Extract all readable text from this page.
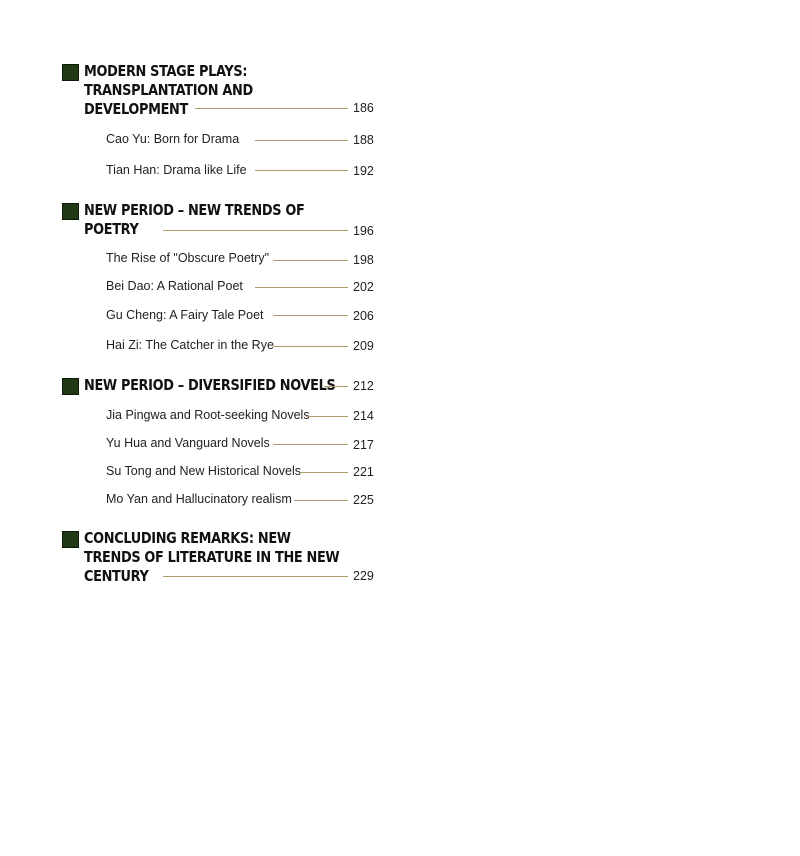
MODERN STAGE PLAYS:
TRANSPLANTATION AND
DEVELOPMENT	186
Cao Yu: Born for Drama	188
Tian Han: Drama like Life	192
NEW PERIOD – NEW TRENDS OF
POETRY	196
The Rise of "Obscure Poetry"	198
Bei Dao: A Rational Poet	202
Gu Cheng: A Fairy Tale Poet	206
Hai Zi: The Catcher in the Rye	209
NEW PERIOD – DIVERSIFIED NOVELS 212
Jia Pingwa and Root-seeking Novels	214
Yu Hua and Vanguard Novels	217
Su Tong and New Historical Novels	221
Mo Yan and Hallucinatory realism	225
CONCLUDING REMARKS: NEW
TRENDS OF LITERATURE IN THE NEW
CENTURY	229
